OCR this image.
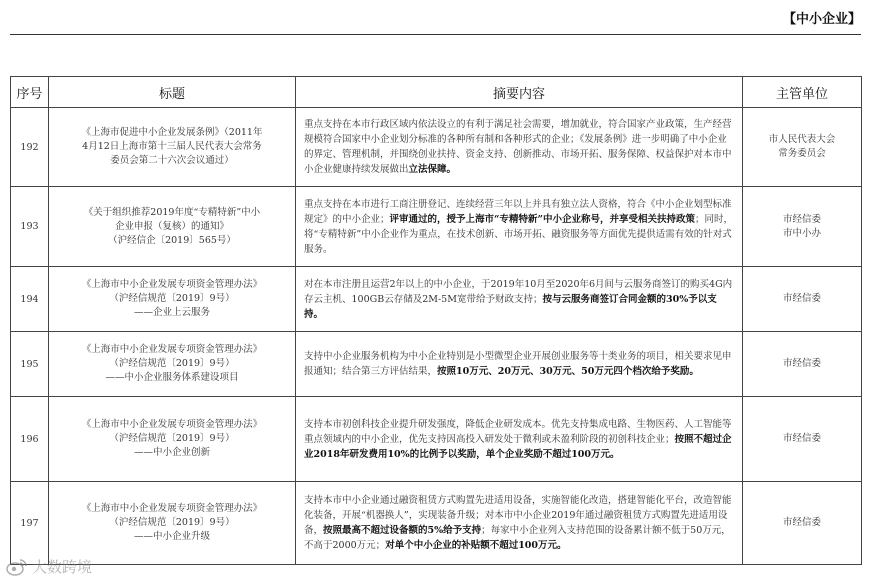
【中小企业】
序号	标题	摘要内容	主管单位
192	《上海市促进中小企业发展条例》（2011年
4月12日上海市第十三届人民代表大会常务
委员会第二十六次会议通过）	重点支持在本市行政区域内依法设立的有利于满足社会需要，增加就业，符合国家产业政策，生产经营规模符合国家中小企业划分标准的各种所有制和各种形式的企业；《发展条例》进一步明确了中小企业的界定、管理机制，并围绕创业扶持、资金支持、创新推动、市场开拓、服务保障、权益保护对本市中小企业健康持续发展做出立法保障。	市人民代表大会
常务委员会

193	《关于组织推荐2019年度“专精特新”中小
企业申报（复核）的通知》
（沪经信企〔2019〕565号）	重点支持在本市进行工商注册登记、连续经营三年以上并具有独立法人资格，符合《中小企业划型标准规定》的中小企业；评审通过的，授予上海市“专精特新”中小企业称号，并享受相关扶持政策；同时，将“专精特新”中小企业作为重点，在技术创新、市场开拓、融资服务等方面优先提供适需有效的针对式服务。	市经信委
市中小办

194	《上海市中小企业发展专项资金管理办法》
（沪经信规范〔2019〕9号）
——企业上云服务	对在本市注册且运营2年以上的中小企业，于2019年10月至2020年6月间与云服务商签订的购买4G内存云主机、100GB云存储及2M-5M宽带给予财政支持；按与云服务商签订合同金额的30%予以支持。	市经信委

195	《上海市中小企业发展专项资金管理办法》
（沪经信规范〔2019〕9号）
——中小企业服务体系建设项目	支持中小企业服务机构为中小企业特别是小型微型企业开展创业服务等十类业务的项目，相关要求见申报通知；结合第三方评估结果，按照10万元、20万元、30万元、50万元四个档次给予奖励。	市经信委

196	《上海市中小企业发展专项资金管理办法》
（沪经信规范〔2019〕9号）
——中小企业创新	支持本市初创科技企业提升研发强度，降低企业研发成本。优先支持集成电路、生物医药、人工智能等重点领域内的中小企业，优先支持因高投入研发处于微利或未盈利阶段的初创科技企业；按照不超过企业2018年研发费用10%的比例予以奖励，单个企业奖励不超过100万元。	市经信委

197	《上海市中小企业发展专项资金管理办法》
（沪经信规范〔2019〕9号）
——中小企业升级	支持本市中小企业通过融资租赁方式购置先进适用设备，实施智能化改造，搭建智能化平台，改造智能化装备，开展“机器换人”，实现装备升级；对本市中小企业2019年通过融资租赁方式购置先进适用设备，按照最高不超过设备额的5%给予支持；每家中小企业列入支持范围的设备累计额不低于50万元，不高于2000万元；对单个中小企业的补贴额不超过100万元。	市经信委
大数跨境
